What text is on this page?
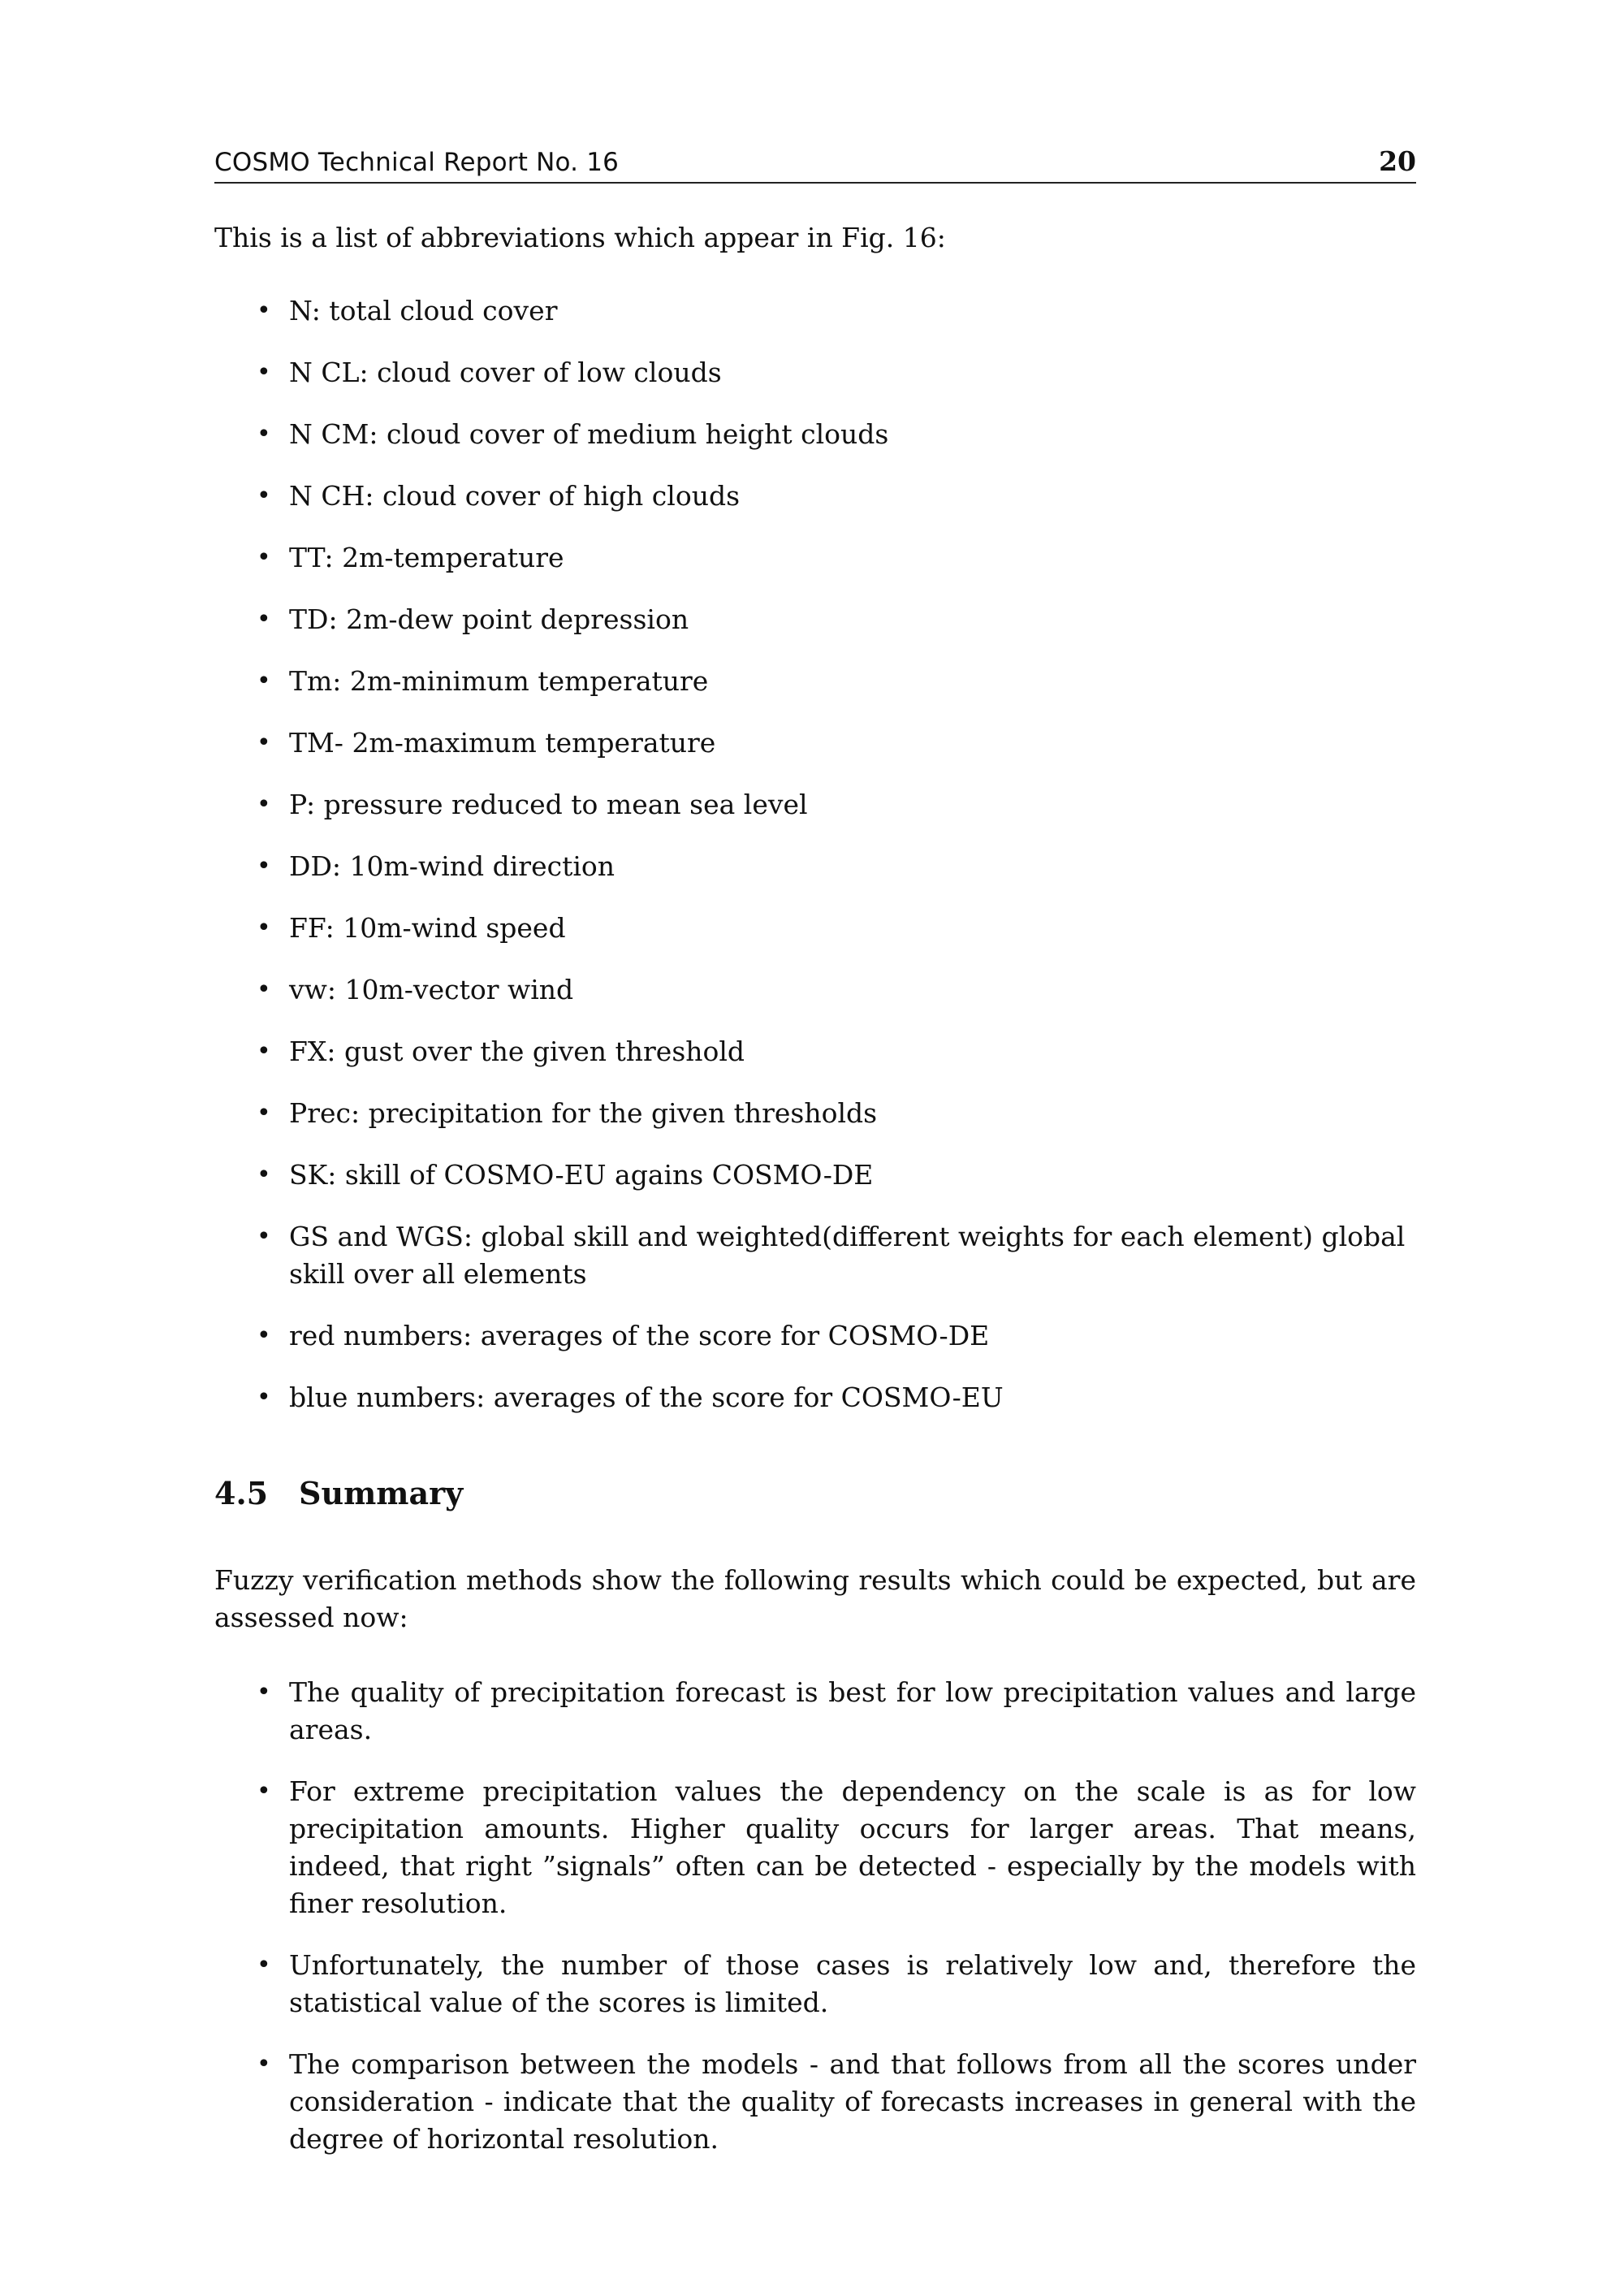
COSMO Technical Report No. 16	20
This is a list of abbreviations which appear in Fig. 16:
• N: total cloud cover
• N CL: cloud cover of low clouds
• N CM: cloud cover of medium height clouds
• N CH: cloud cover of high clouds
• TT: 2m-temperature
• TD: 2m-dew point depression
• Tm: 2m-minimum temperature
• TM- 2m-maximum temperature
• P: pressure reduced to mean sea level
• DD: 10m-wind direction
• FF: 10m-wind speed
• vw: 10m-vector wind
• FX: gust over the given threshold
• Prec: precipitation for the given thresholds
• SK: skill of COSMO-EU agains COSMO-DE
• GS and WGS: global skill and weighted(different weights for each element) global skill over all elements
• red numbers: averages of the score for COSMO-DE
• blue numbers: averages of the score for COSMO-EU
4.5 Summary
Fuzzy verification methods show the following results which could be expected, but are assessed now:
• The quality of precipitation forecast is best for low precipitation values and large areas.
• For extreme precipitation values the dependency on the scale is as for low precipitation amounts. Higher quality occurs for larger areas. That means, indeed, that right ”signals” often can be detected - especially by the models with finer resolution.
• Unfortunately, the number of those cases is relatively low and, therefore the statistical value of the scores is limited.
• The comparison between the models - and that follows from all the scores under consideration - indicate that the quality of forecasts increases in general with the degree of horizontal resolution.
